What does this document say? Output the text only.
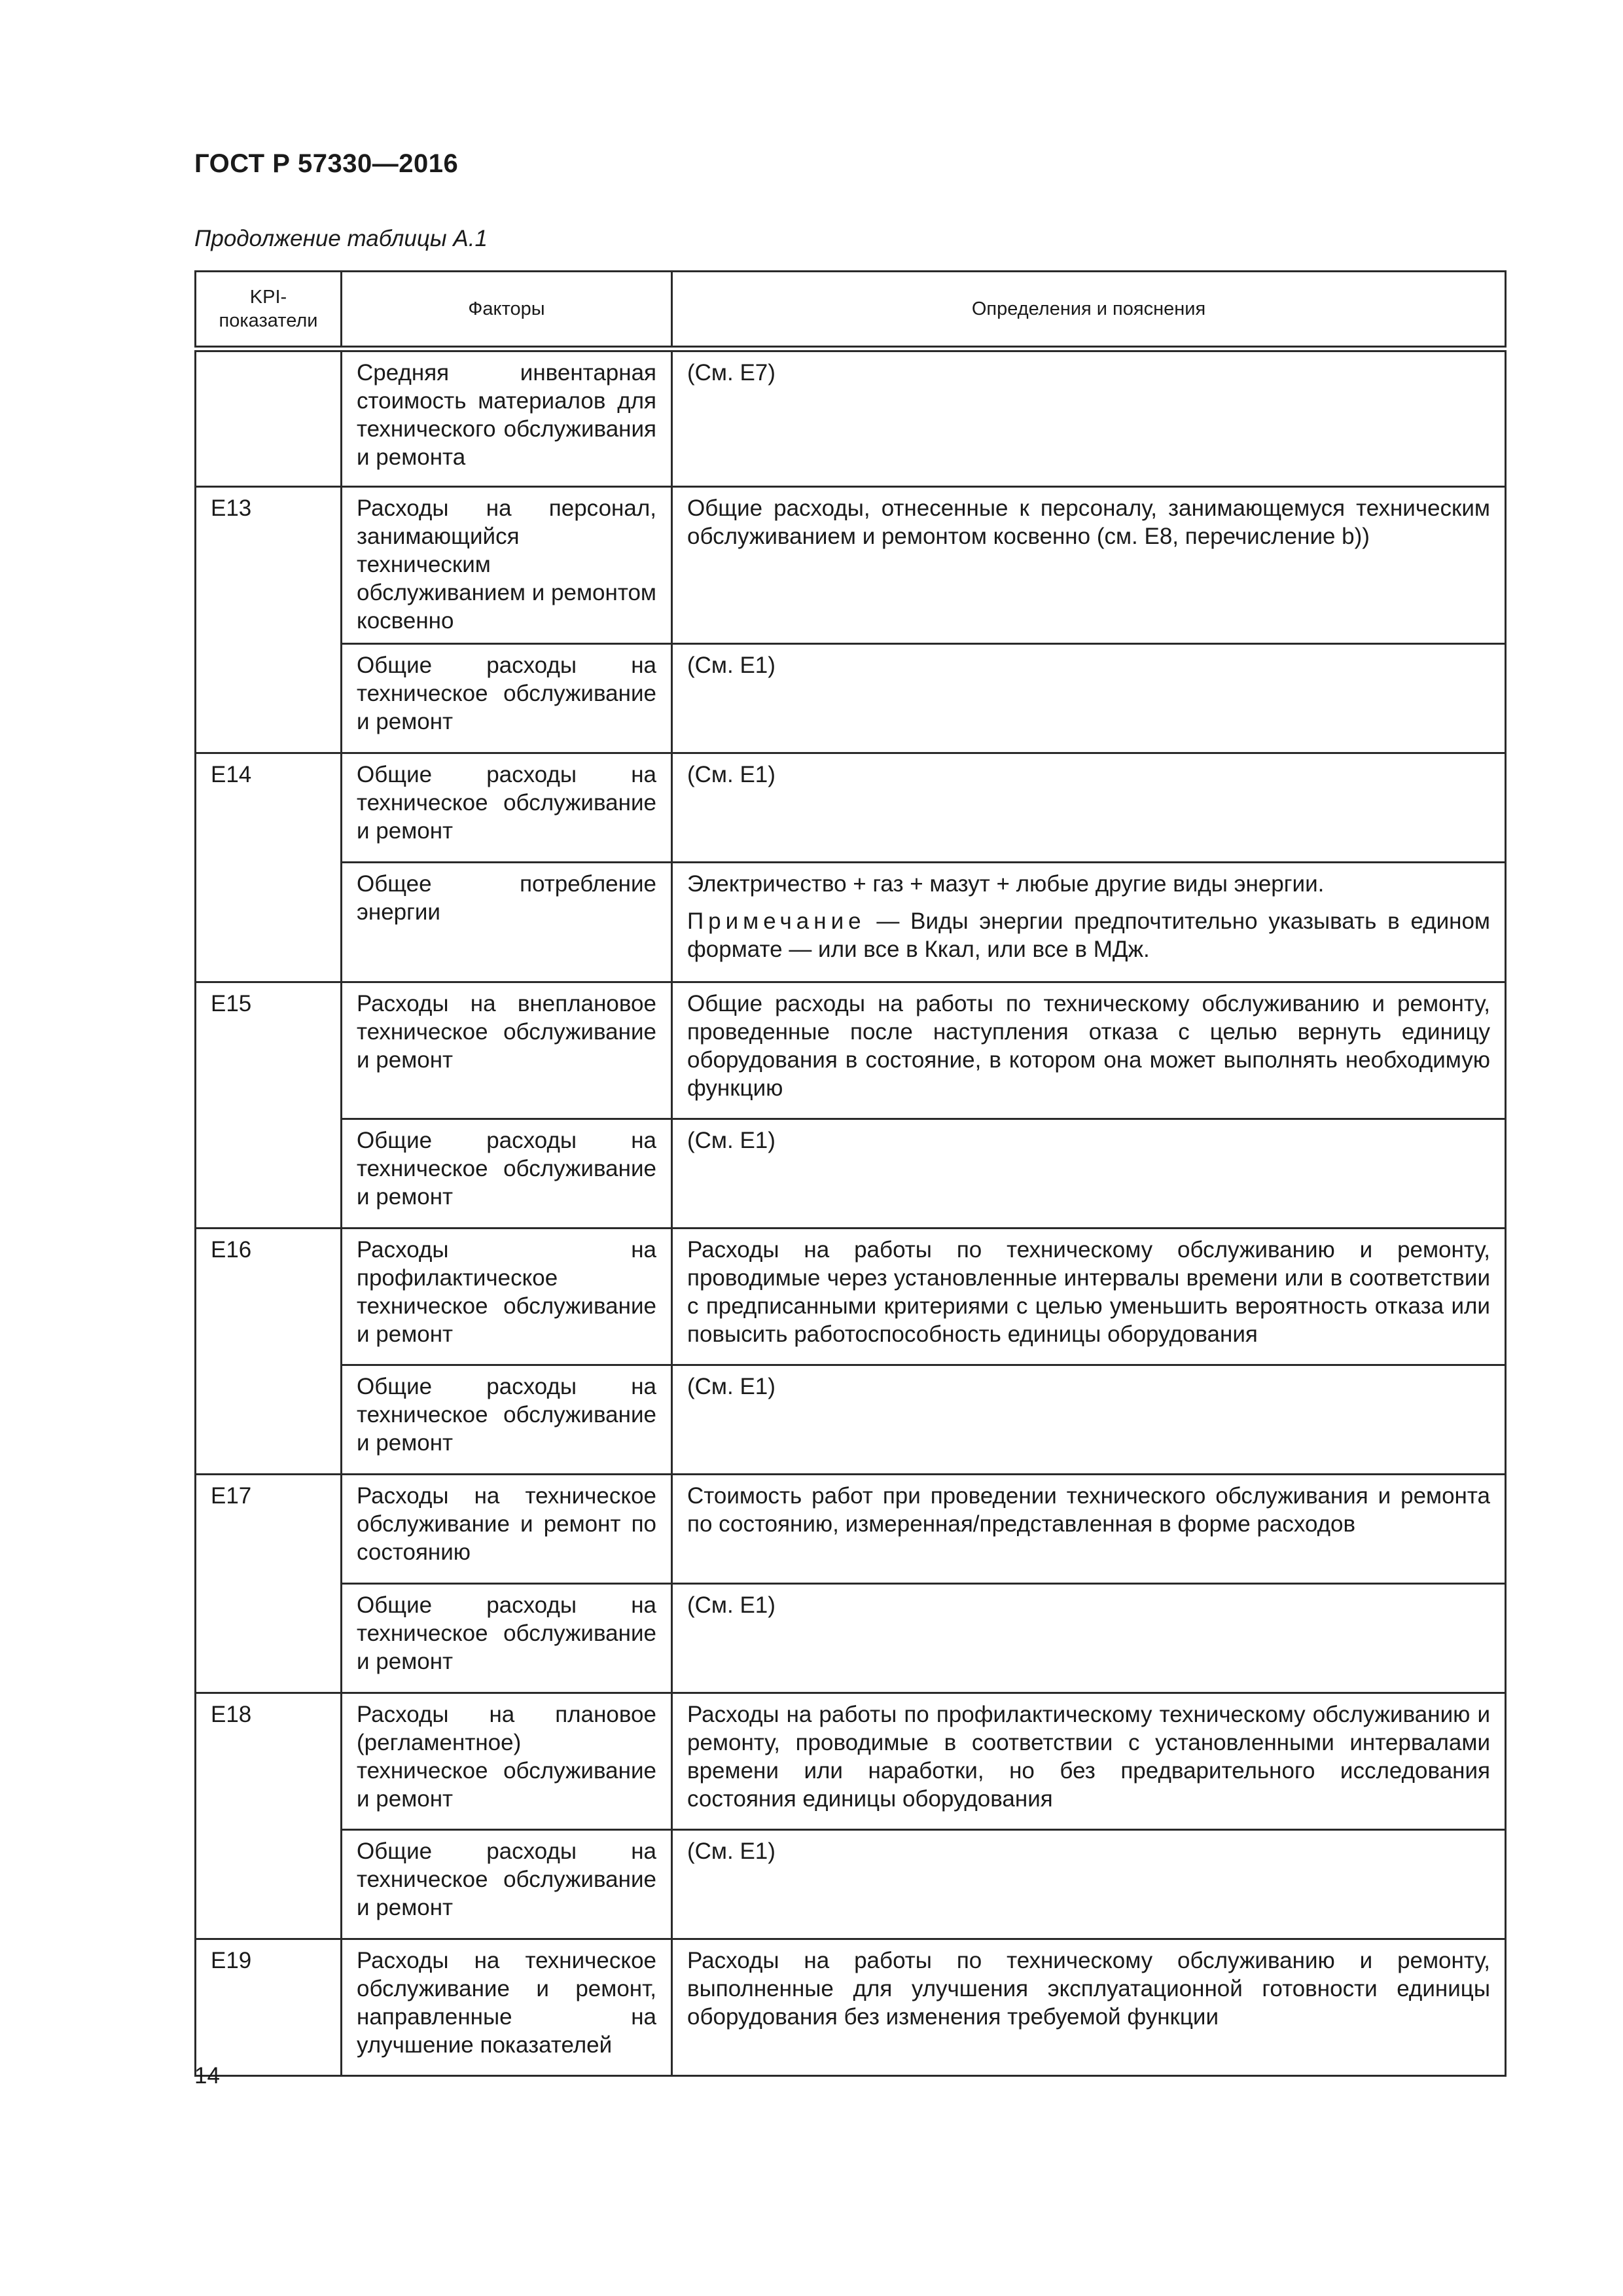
ГОСТ Р 57330—2016
Продолжение таблицы А.1
KPI-показатели	Факторы	Определения и пояснения
	Средняя инвентарная стоимость материалов для технического обслуживания и ремонта	(См. Е7)
E13	Расходы на персонал, занимающийся техническим обслуживанием и ремонтом косвенно	Общие расходы, отнесенные к персоналу, занимающемуся техническим обслуживанием и ремонтом косвенно (см. Е8, перечисление b))
	Общие расходы на техническое обслуживание и ремонт	(См. Е1)
E14	Общие расходы на техническое обслуживание и ремонт	(См. Е1)
	Общее потребление энергии	Электричество + газ + мазут + любые другие виды энергии.
Примечание — Виды энергии предпочтительно указывать в едином формате — или все в Ккал, или все в МДж.

E15	Расходы на внеплановое техническое обслуживание и ремонт	Общие расходы на работы по техническому обслуживанию и ремонту, проведенные после наступления отказа с целью вернуть единицу оборудования в состояние, в котором она может выполнять необходимую функцию
	Общие расходы на техническое обслуживание и ремонт	(См. Е1)
E16	Расходы на профилактическое техническое обслуживание и ремонт	Расходы на работы по техническому обслуживанию и ремонту, проводимые через установленные интервалы времени или в соответствии с предписанными критериями с целью уменьшить вероятность отказа или повысить работоспособность единицы оборудования
	Общие расходы на техническое обслуживание и ремонт	(См. Е1)
E17	Расходы на техническое обслуживание и ремонт по состоянию	Стоимость работ при проведении технического обслуживания и ремонта по состоянию, измеренная/представленная в форме расходов
	Общие расходы на техническое обслуживание и ремонт	(См. Е1)
E18	Расходы на плановое (регламентное) техническое обслуживание и ремонт	Расходы на работы по профилактическому техническому обслуживанию и ремонту, проводимые в соответствии с установленными интервалами времени или наработки, но без предварительного исследования состояния единицы оборудования
	Общие расходы на техническое обслуживание и ремонт	(См. Е1)
E19	Расходы на техническое обслуживание и ремонт, направленные на улучшение показателей	Расходы на работы по техническому обслуживанию и ремонту, выполненные для улучшения эксплуатационной готовности единицы оборудования без изменения требуемой функции
14
